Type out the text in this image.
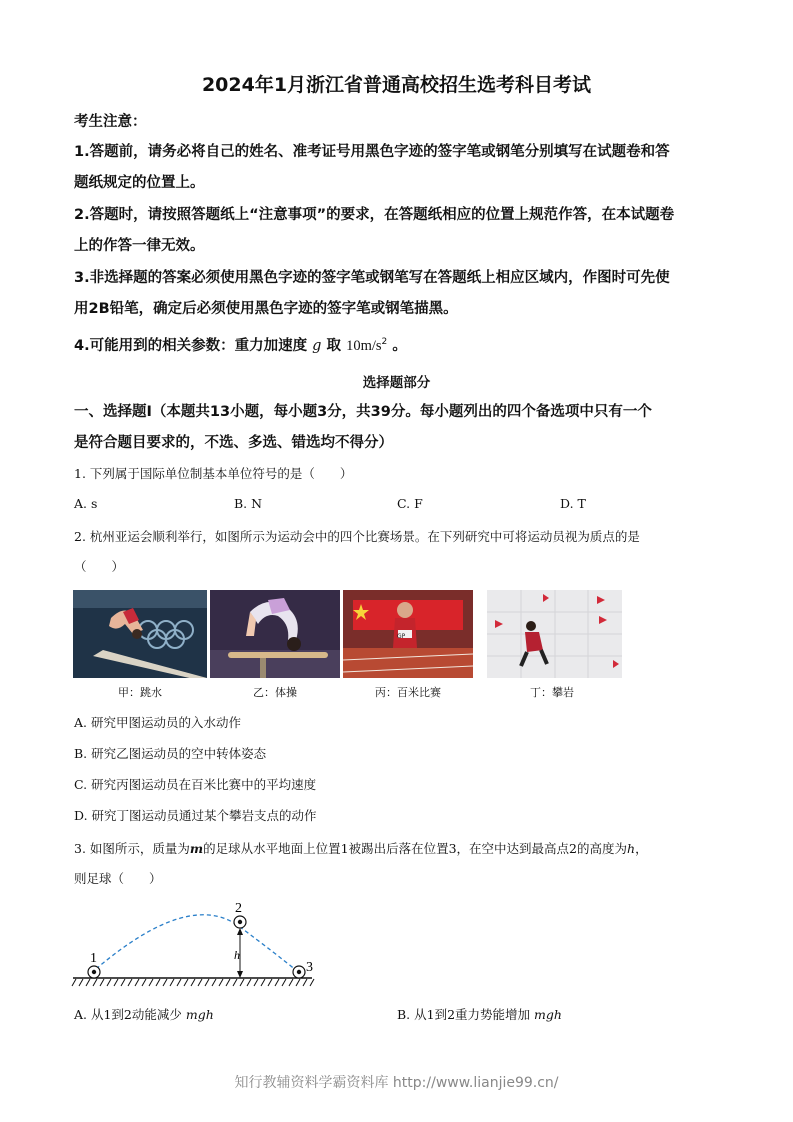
2024年1月浙江省普通高校招生选考科目考试
考生注意：
1.答题前，请务必将自己的姓名、准考证号用黑色字迹的签字笔或钢笔分别填写在试题卷和答
题纸规定的位置上。
2.答题时，请按照答题纸上“注意事项”的要求，在答题纸相应的位置上规范作答，在本试题卷
上的作答一律无效。
3.非选择题的答案必须使用黑色字迹的签字笔或钢笔写在答题纸上相应区域内，作图时可先使
用2B铅笔，确定后必须使用黑色字迹的签字笔或钢笔描黑。
4.可能用到的相关参数：重力加速度 g 取 $10m/s^2$ 。
选择题部分
一、选择题Ⅰ（本题共13小题，每小题3分，共39分。每小题列出的四个备选项中只有一个
是符合题目要求的，不选、多选、错选均不得分）
1. 下列属于国际单位制基本单位符号的是（　　）
A. s	B. N	C. F	D. T
2. 杭州亚运会顺利举行，如图所示为运动会中的四个比赛场景。在下列研究中可将运动员视为质点的是
（　　）
甲：跳水	乙：体操	丙：百米比赛
GP
丁：攀岩
A. 研究甲图运动员的入水动作
B. 研究乙图运动员的空中转体姿态
C. 研究丙图运动员在百米比赛中的平均速度
D. 研究丁图运动员通过某个攀岩支点的动作
3. 如图所示，质量为m的足球从水平地面上位置1被踢出后落在位置3，在空中达到最高点2的高度为h，
则足球（　　）
1
2
3
h
A. 从1到2动能减少 mgh	B. 从1到2重力势能增加 mgh
知行教辅资料学霸资料库 http://www.lianjie99.cn/
